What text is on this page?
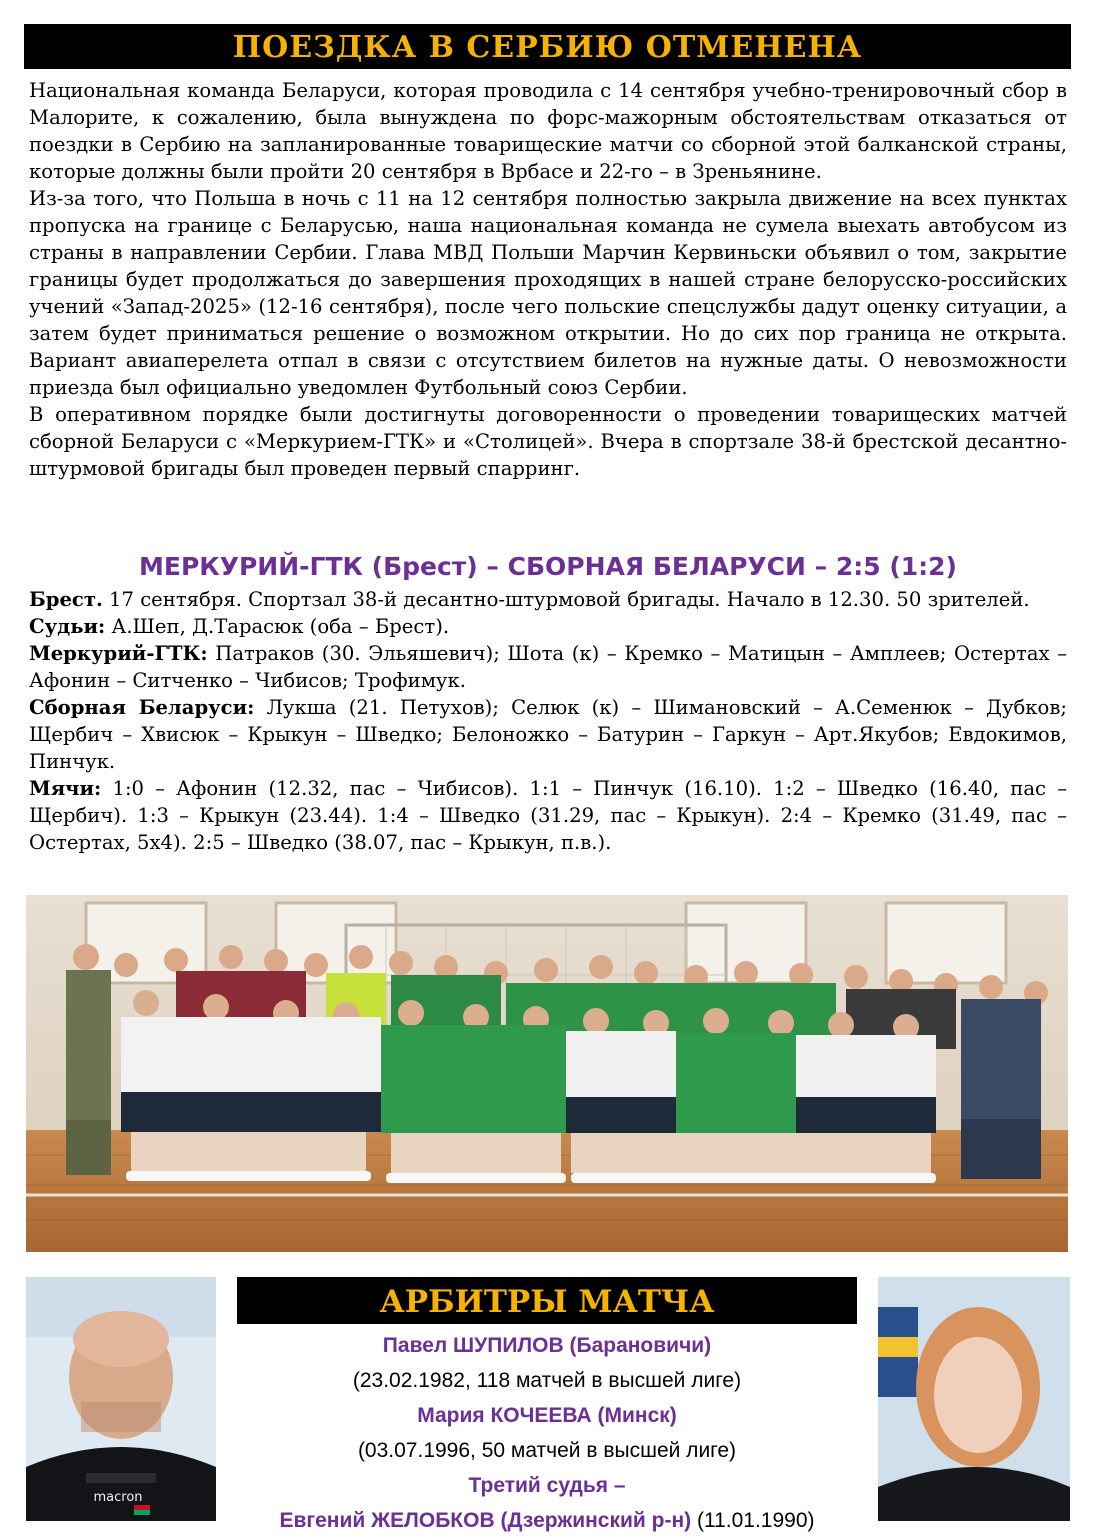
ПОЕЗДКА В СЕРБИЮ ОТМЕНЕНА

Национальная команда Беларуси, которая проводила с 14 сентября учебно-тренировочный сбор в Малорите, к сожалению, была вынуждена по форс-мажорным обстоятельствам отказаться от поездки в Сербию на запланированные товарищеские матчи со сборной этой балканской страны, которые должны были пройти 20 сентября в Врбасе и 22-го – в Зреньянине.

Из-за того, что Польша в ночь с 11 на 12 сентября полностью закрыла движение на всех пунктах пропуска на границе с Беларусью, наша национальная команда не сумела выехать автобусом из страны в направлении Сербии. Глава МВД Польши Марчин Кервиньски объявил о том, закрытие границы будет продолжаться до завершения проходящих в нашей стране белорусско-российских учений «Запад-2025» (12-16 сентября), после чего польские спецслужбы дадут оценку ситуации, а затем будет приниматься решение о возможном открытии. Но до сих пор граница не открыта. Вариант авиаперелета отпал в связи с отсутствием билетов на нужные даты. О невозможности приезда был официально уведомлен Футбольный союз Сербии.

В оперативном порядке были достигнуты договоренности о проведении товарищеских матчей сборной Беларуси с «Меркурием-ГТК» и «Столицей». Вчера в спортзале 38-й брестской десантно-штурмовой бригады был проведен первый спарринг.

МЕРКУРИЙ-ГТК (Брест) – СБОРНАЯ БЕЛАРУСИ – 2:5 (1:2)

Брест. 17 сентября. Спортзал 38-й десантно-штурмовой бригады. Начало в 12.30. 50 зрителей.

Судьи: А.Шеп, Д.Тарасюк (оба – Брест).

Меркурий-ГТК: Патраков (30. Эльяшевич); Шота (к) – Кремко – Матицын – Амплеев; Остертах – Афонин – Ситченко – Чибисов; Трофимук.

Сборная Беларуси: Лукша (21. Петухов); Селюк (к) – Шимановский – А.Семенюк – Дубков; Щербич – Хвисюк – Крыкун – Шведко; Белоножко – Батурин – Гаркун – Арт.Якубов; Евдокимов, Пинчук.

Мячи: 1:0 – Афонин (12.32, пас – Чибисов). 1:1 – Пинчук (16.10). 1:2 – Шведко (16.40, пас – Щербич). 1:3 – Крыкун (23.44). 1:4 – Шведко (31.29, пас – Крыкун). 2:4 – Кремко (31.49, пас – Остертах, 5х4). 2:5 – Шведко (38.07, пас – Крыкун, п.в.).

macron
АРБИТРЫ МАТЧА
Павел ШУПИЛОВ (Барановичи)
(23.02.1982, 118 матчей в высшей лиге)
Мария КОЧЕЕВА (Минск)
(03.07.1996, 50 матчей в высшей лиге)
Третий судья –
Евгений ЖЕЛОБКОВ (Дзержинский р-н) (11.01.1990)
